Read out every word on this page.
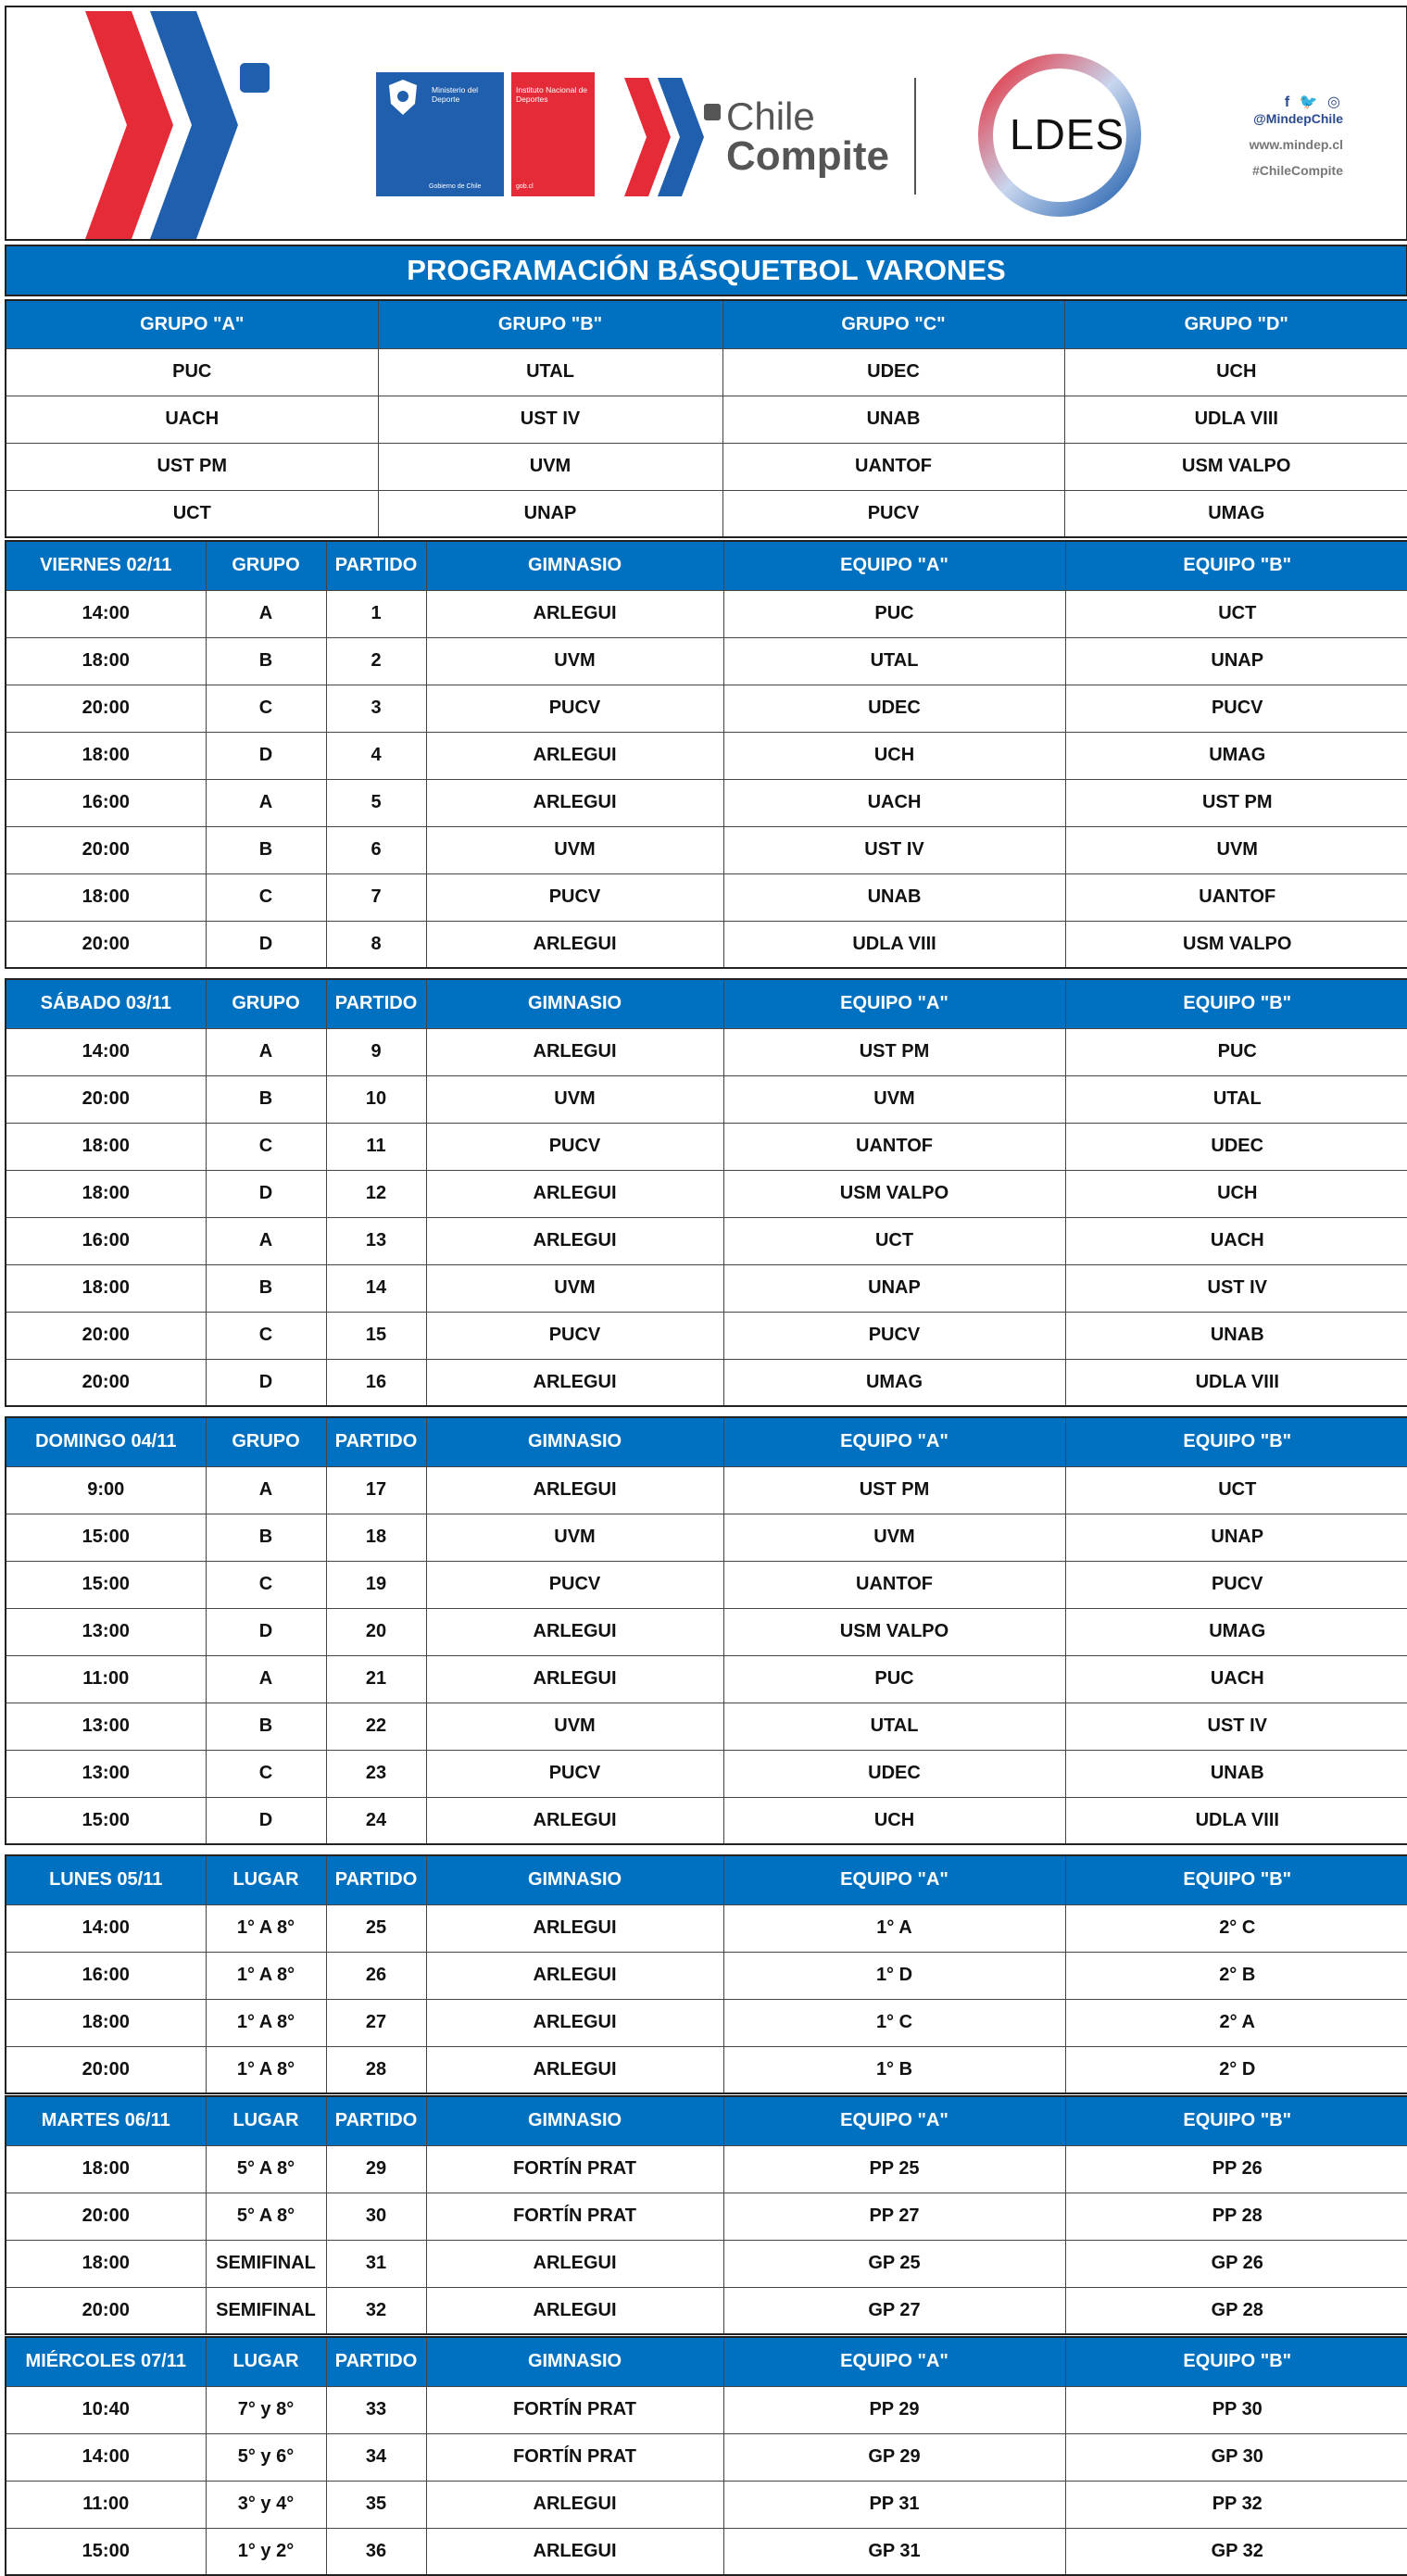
Ministerio del Deporte
Gobierno de Chile
Instituto Nacional de Deportes
gob.cl
Chile
Compite	LDES
f 🐦 ◎
@MindepChile
www.mindep.cl
#ChileCompite
PROGRAMACIÓN BÁSQUETBOL VARONES
GRUPO "A"	GRUPO "B"	GRUPO "C"	GRUPO "D"
PUC	UTAL	UDEC	UCH
UACH	UST IV	UNAB	UDLA VIII
UST PM	UVM	UANTOF	USM VALPO
UCT	UNAP	PUCV	UMAG
VIERNES 02/11	GRUPO	PARTIDO	GIMNASIO	EQUIPO "A"	EQUIPO "B"
14:00	A	1	ARLEGUI	PUC	UCT
18:00	B	2	UVM	UTAL	UNAP
20:00	C	3	PUCV	UDEC	PUCV
18:00	D	4	ARLEGUI	UCH	UMAG
16:00	A	5	ARLEGUI	UACH	UST PM
20:00	B	6	UVM	UST IV	UVM
18:00	C	7	PUCV	UNAB	UANTOF
20:00	D	8	ARLEGUI	UDLA VIII	USM VALPO
SÁBADO 03/11	GRUPO	PARTIDO	GIMNASIO	EQUIPO "A"	EQUIPO "B"
14:00	A	9	ARLEGUI	UST PM	PUC
20:00	B	10	UVM	UVM	UTAL
18:00	C	11	PUCV	UANTOF	UDEC
18:00	D	12	ARLEGUI	USM VALPO	UCH
16:00	A	13	ARLEGUI	UCT	UACH
18:00	B	14	UVM	UNAP	UST IV
20:00	C	15	PUCV	PUCV	UNAB
20:00	D	16	ARLEGUI	UMAG	UDLA VIII
DOMINGO 04/11	GRUPO	PARTIDO	GIMNASIO	EQUIPO "A"	EQUIPO "B"
9:00	A	17	ARLEGUI	UST PM	UCT
15:00	B	18	UVM	UVM	UNAP
15:00	C	19	PUCV	UANTOF	PUCV
13:00	D	20	ARLEGUI	USM VALPO	UMAG
11:00	A	21	ARLEGUI	PUC	UACH
13:00	B	22	UVM	UTAL	UST IV
13:00	C	23	PUCV	UDEC	UNAB
15:00	D	24	ARLEGUI	UCH	UDLA VIII
LUNES 05/11	LUGAR	PARTIDO	GIMNASIO	EQUIPO "A"	EQUIPO "B"
14:00	1° A 8°	25	ARLEGUI	1° A	2° C
16:00	1° A 8°	26	ARLEGUI	1° D	2° B
18:00	1° A 8°	27	ARLEGUI	1° C	2° A
20:00	1° A 8°	28	ARLEGUI	1° B	2° D
MARTES 06/11	LUGAR	PARTIDO	GIMNASIO	EQUIPO "A"	EQUIPO "B"
18:00	5° A 8°	29	FORTÍN PRAT	PP 25	PP 26
20:00	5° A 8°	30	FORTÍN PRAT	PP 27	PP 28
18:00	SEMIFINAL	31	ARLEGUI	GP 25	GP 26
20:00	SEMIFINAL	32	ARLEGUI	GP 27	GP 28
MIÉRCOLES 07/11	LUGAR	PARTIDO	GIMNASIO	EQUIPO "A"	EQUIPO "B"
10:40	7° y 8°	33	FORTÍN PRAT	PP 29	PP 30
14:00	5° y 6°	34	FORTÍN PRAT	GP 29	GP 30
11:00	3° y 4°	35	ARLEGUI	PP 31	PP 32
15:00	1° y 2°	36	ARLEGUI	GP 31	GP 32
